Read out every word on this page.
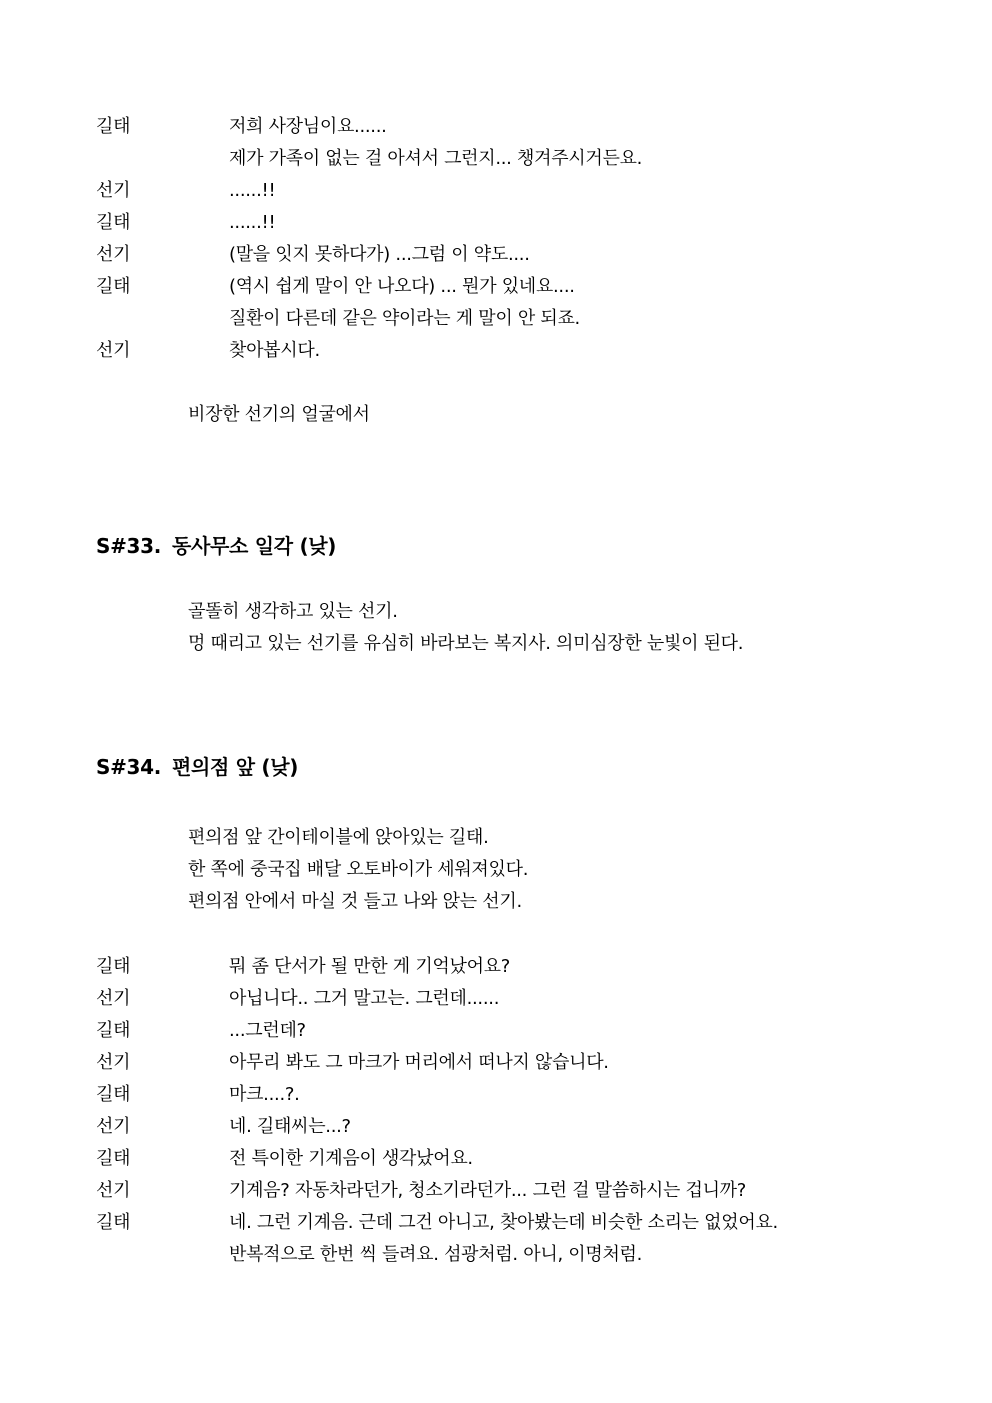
길태	저희 사장님이요......
제가 가족이 없는 걸 아셔서 그런지... 챙겨주시거든요.
선기	......!!
길태	......!!
선기	(말을 잇지 못하다가) ...그럼 이 약도....
길태	(역시 쉽게 말이 안 나오다) ... 뭔가 있네요....
질환이 다른데 같은 약이라는 게 말이 안 되죠.
선기	찾아봅시다.
비장한 선기의 얼굴에서
S#33. 동사무소 일각 (낮)
골똘히 생각하고 있는 선기.
멍 때리고 있는 선기를 유심히 바라보는 복지사. 의미심장한 눈빛이 된다.
S#34. 편의점 앞 (낮)
편의점 앞 간이테이블에 앉아있는 길태.
한 쪽에 중국집 배달 오토바이가 세워져있다.
편의점 안에서 마실 것 들고 나와 앉는 선기.
길태	뭐 좀 단서가 될 만한 게 기억났어요?
선기	아닙니다.. 그거 말고는. 그런데......
길태	...그런데?
선기	아무리 봐도 그 마크가 머리에서 떠나지 않습니다.
길태	마크....?.
선기	네. 길태씨는...?
길태	전 특이한 기계음이 생각났어요.
선기	기계음? 자동차라던가, 청소기라던가... 그런 걸 말씀하시는 겁니까?
길태	네. 그런 기계음. 근데 그건 아니고, 찾아봤는데 비슷한 소리는 없었어요.
반복적으로 한번 씩 들려요. 섬광처럼. 아니, 이명처럼.
